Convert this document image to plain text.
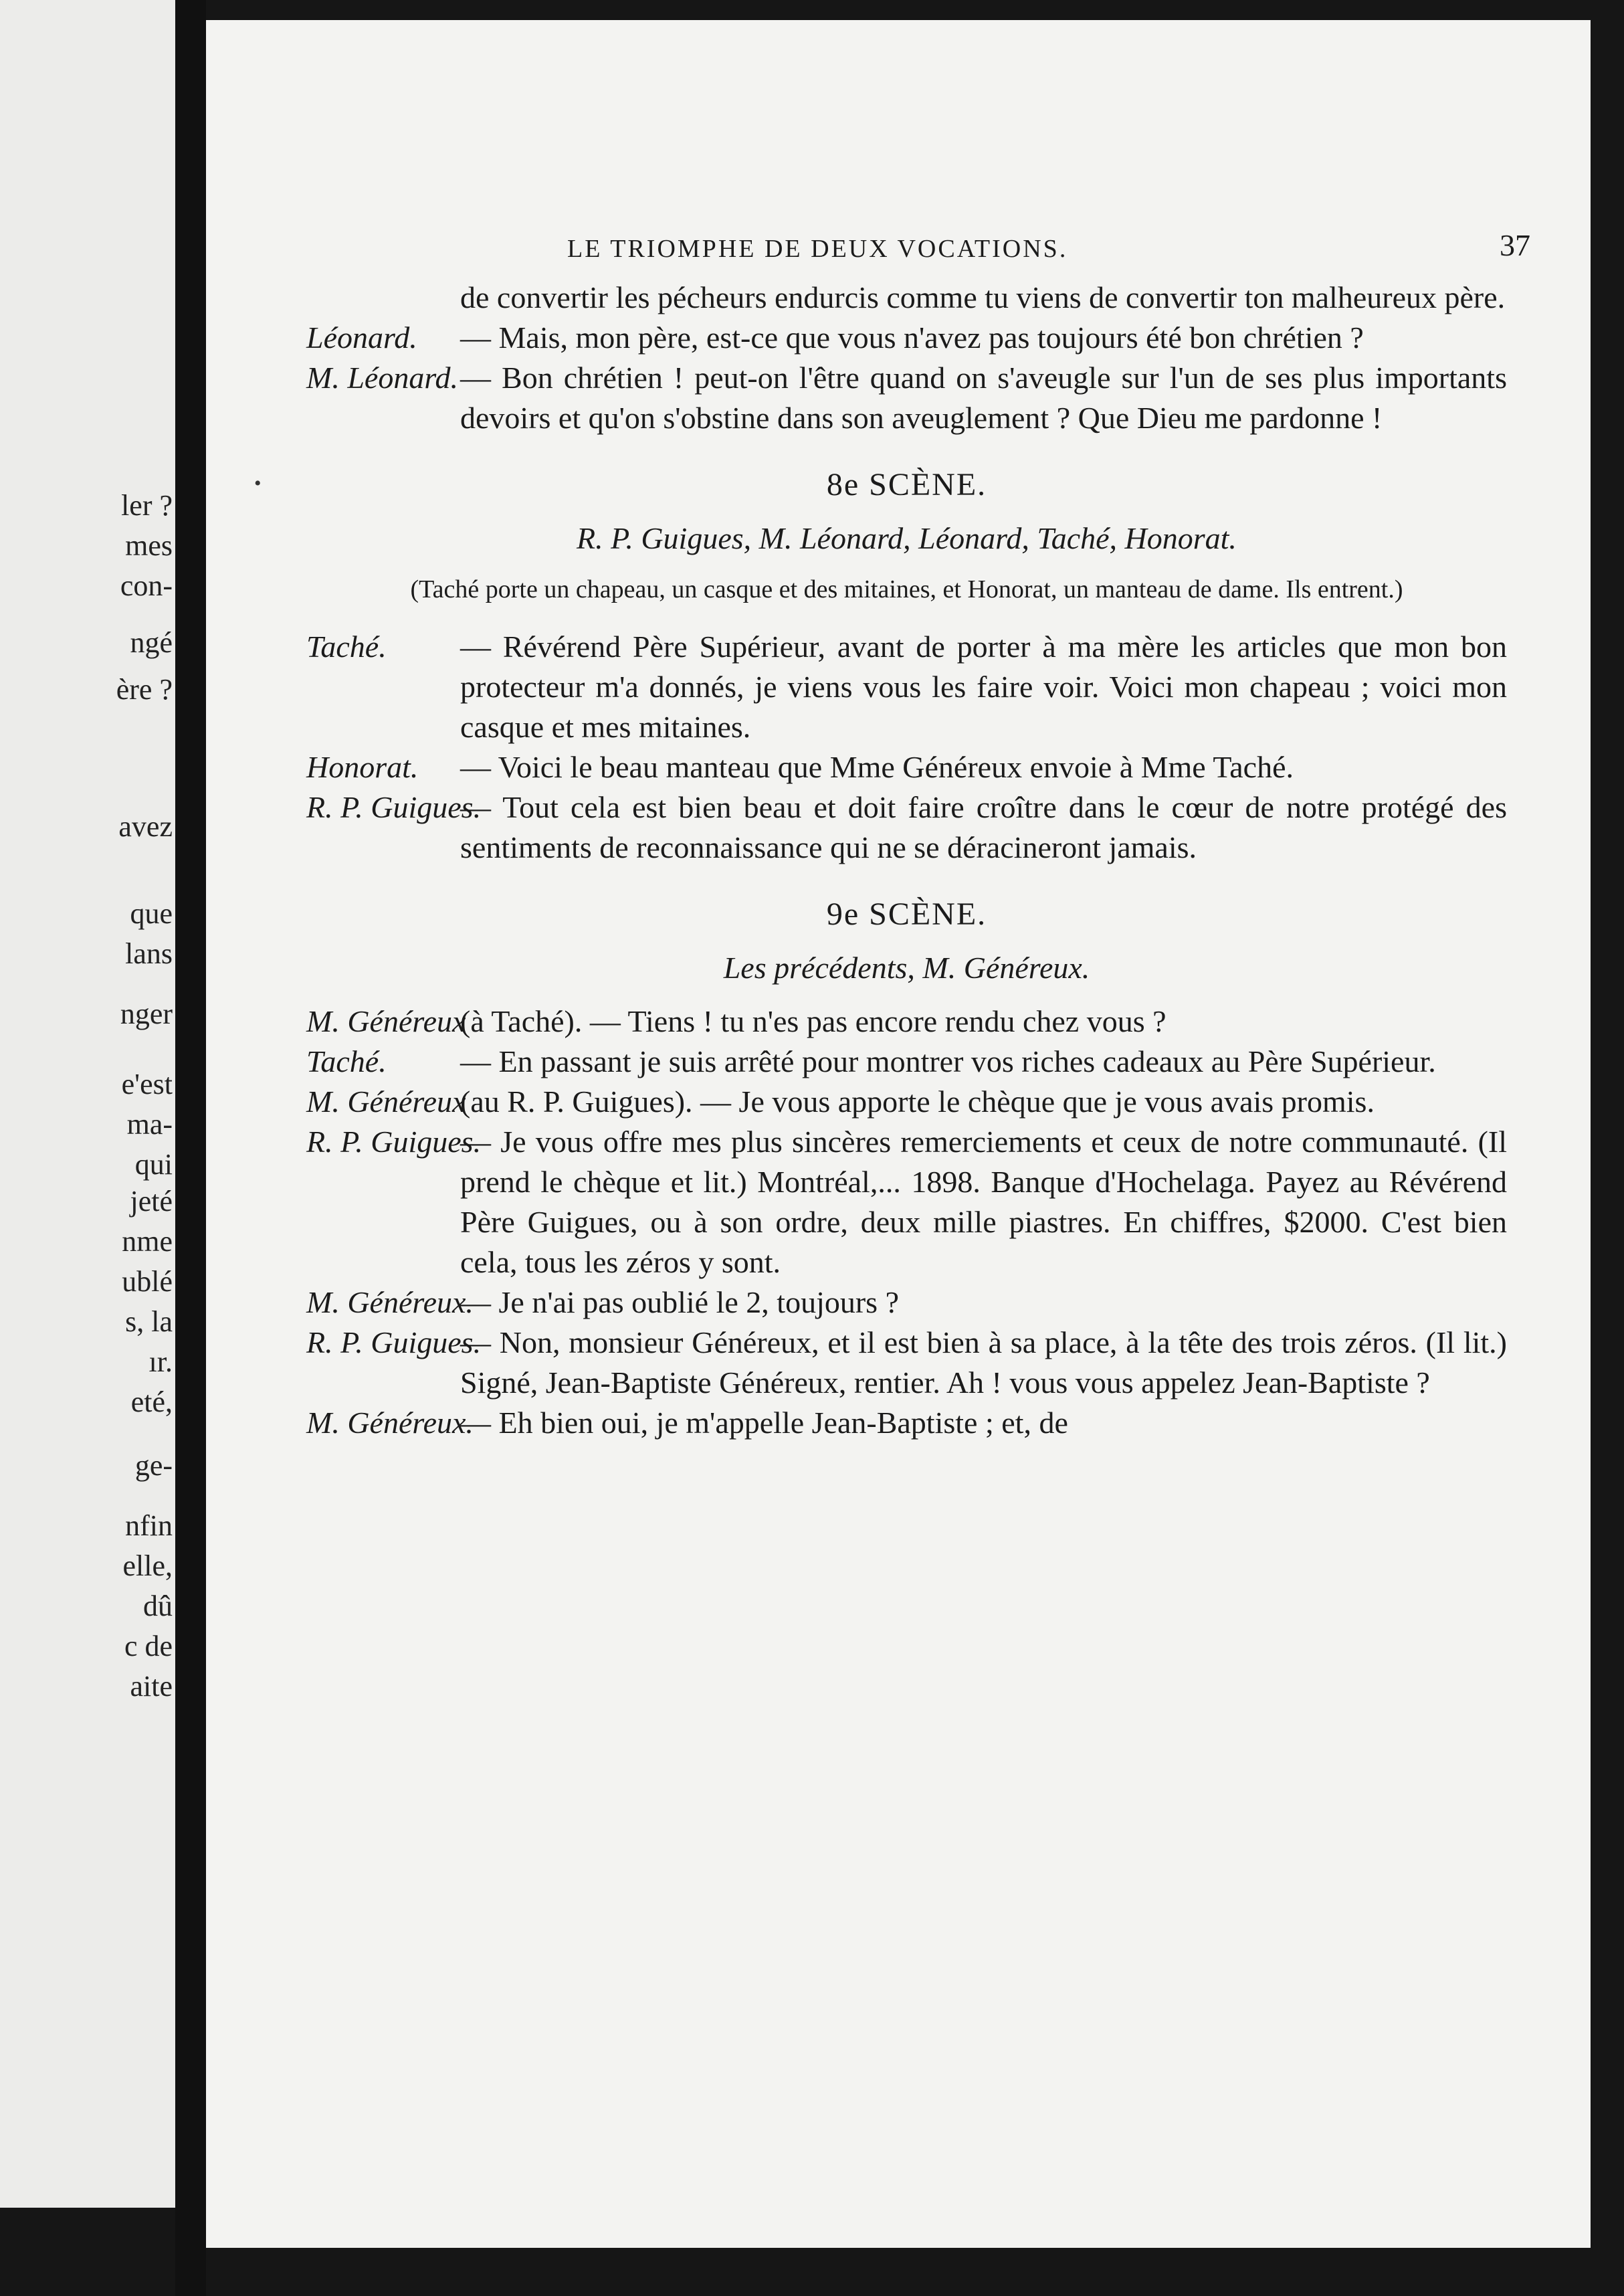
ler ?
mes
con-
ngé
ère ?
avez
que
lans
nger
e'est
ma-
qui
jeté
nme
ublé
s, la
ır.
eté,
ge-
nfin
elle,
dû
c de
aite
LE TRIOMPHE DE DEUX VOCATIONS.	37
•
de convertir les pécheurs endurcis comme tu viens de convertir ton malheureux père.
Léonard. — Mais, mon père, est-ce que vous n'avez pas toujours été bon chrétien ?
M. Léonard. — Bon chrétien ! peut-on l'être quand on s'aveugle sur l'un de ses plus importants devoirs et qu'on s'obstine dans son aveuglement ? Que Dieu me pardonne !
8e SCÈNE.
R. P. Guigues, M. Léonard, Léonard, Taché, Honorat.
(Taché porte un chapeau, un casque et des mitaines, et Honorat, un manteau de dame. Ils entrent.)
Taché. — Révérend Père Supérieur, avant de porter à ma mère les articles que mon bon protecteur m'a donnés, je viens vous les faire voir. Voici mon chapeau ; voici mon casque et mes mitaines.
Honorat. — Voici le beau manteau que Mme Généreux envoie à Mme Taché.
R. P. Guigues.
— Tout cela est bien beau et doit faire croître dans le cœur de notre protégé des sentiments de reconnaissance qui ne se déracineront jamais.
9e SCÈNE.
Les précédents, M. Généreux.
M. Généreux
(à Taché). — Tiens ! tu n'es pas encore rendu chez vous ?
Taché. — En passant je suis arrêté pour montrer vos riches cadeaux au Père Supérieur.
M. Généreux
(au R. P. Guigues). — Je vous apporte le chèque que je vous avais promis.
R. P. Guigues.
— Je vous offre mes plus sincères remerciements et ceux de notre communauté. (Il prend le chèque et lit.) Montréal,... 1898. Banque d'Hochelaga. Payez au Révérend Père Guigues, ou à son ordre, deux mille piastres. En chiffres, $2000. C'est bien cela, tous les zéros y sont.
M. Généreux.
— Je n'ai pas oublié le 2, toujours ?
R. P. Guigues.
— Non, monsieur Généreux, et il est bien à sa place, à la tête des trois zéros. (Il lit.) Signé, Jean-Baptiste Généreux, rentier. Ah ! vous vous appelez Jean-Baptiste ?
M. Généreux.
— Eh bien oui, je m'appelle Jean-Baptiste ; et, de
